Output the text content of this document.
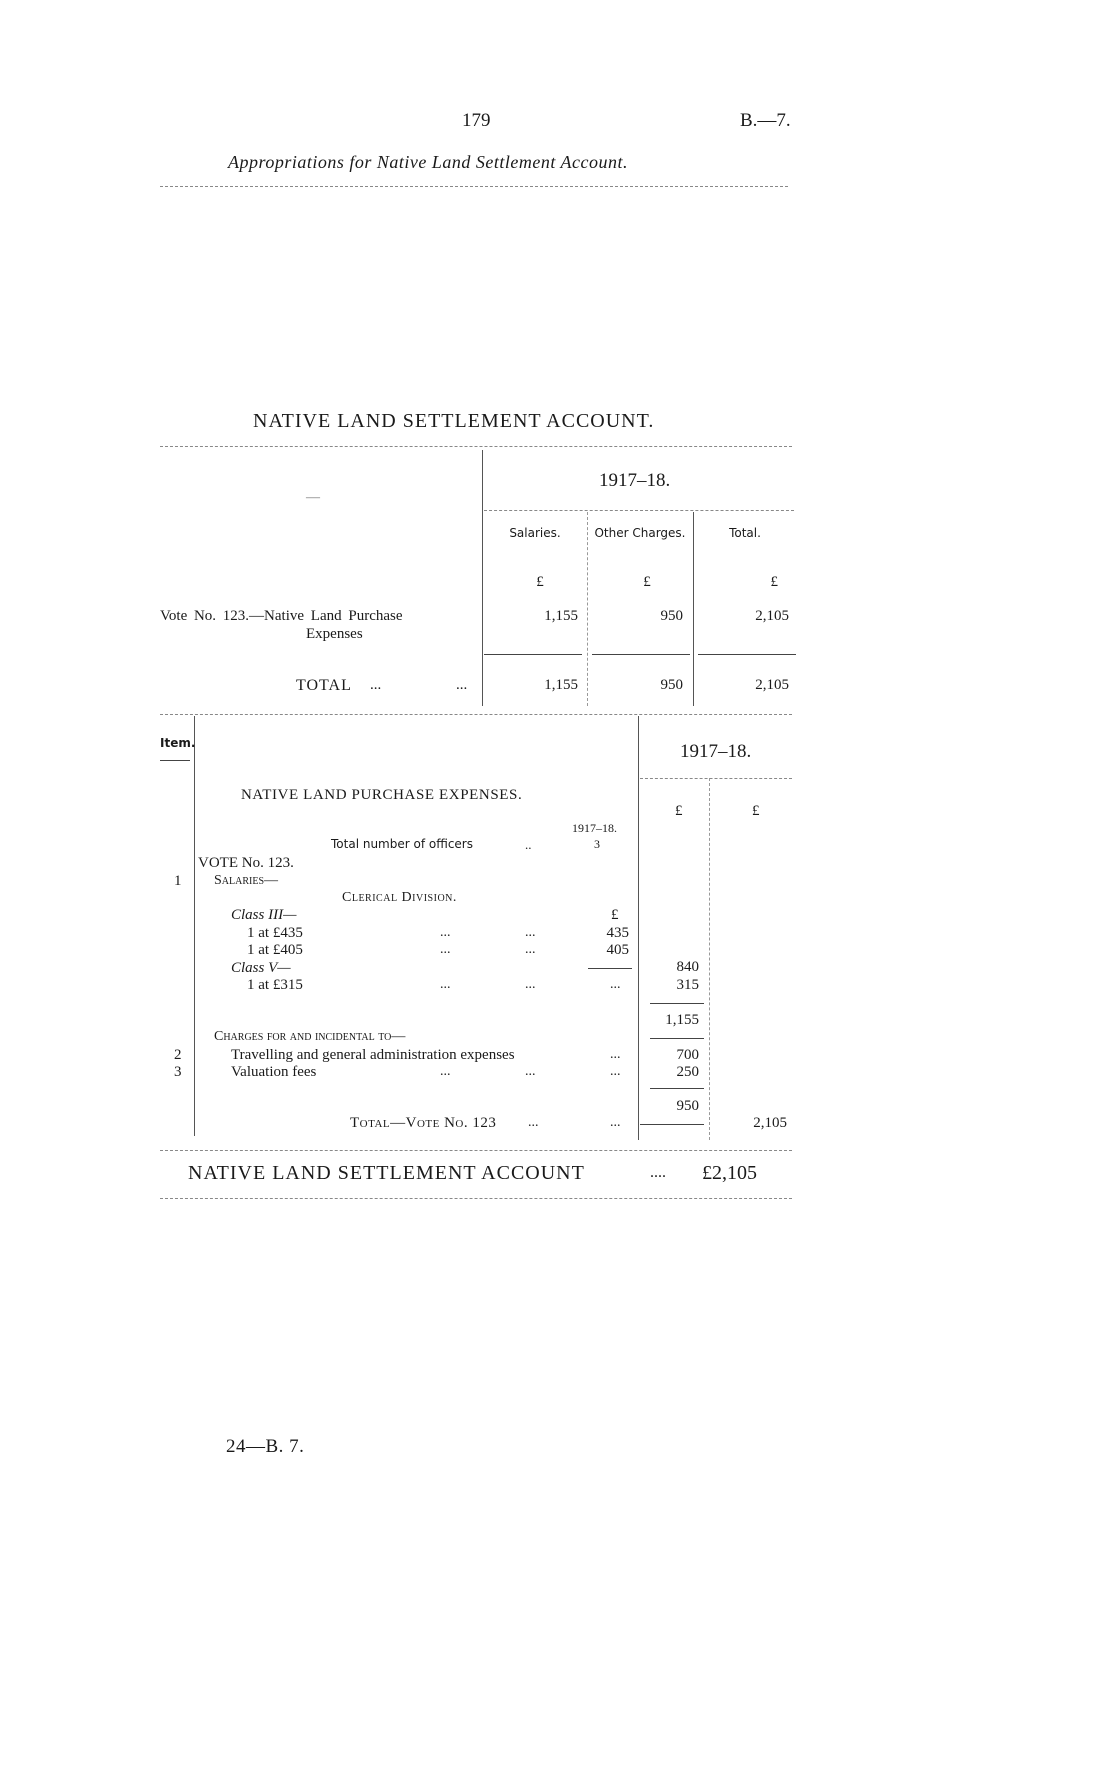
179	B.—7.
Appropriations for Native Land Settlement Account.
NATIVE LAND SETTLEMENT ACCOUNT.
—
1917–18.
Salaries.	Other Charges.	Total.
£	£	£
Vote No. 123.—Native Land Purchase
Expenses
1,155	950	2,105
TOTAL ...	...	1,155	950	2,105
Item.	1917–18.
£	£
NATIVE LAND PURCHASE EXPENSES.
1917–18.
Total number of officers	..	3
VOTE No. 123.
1 Salaries—
Clerical Division.
Class III—	£
1 at £435	...	...	435
1 at £405	...	...	405
Class V—	840
1 at £315	...	...	...	315
1,155
Charges for and incidental to—
2	Travelling and general administration expenses	...	700
3	Valuation fees	...	...	...	250
950
Total—Vote No. 123 ...	...	2,105
NATIVE LAND SETTLEMENT ACCOUNT	.... £2,105
24—B. 7.
